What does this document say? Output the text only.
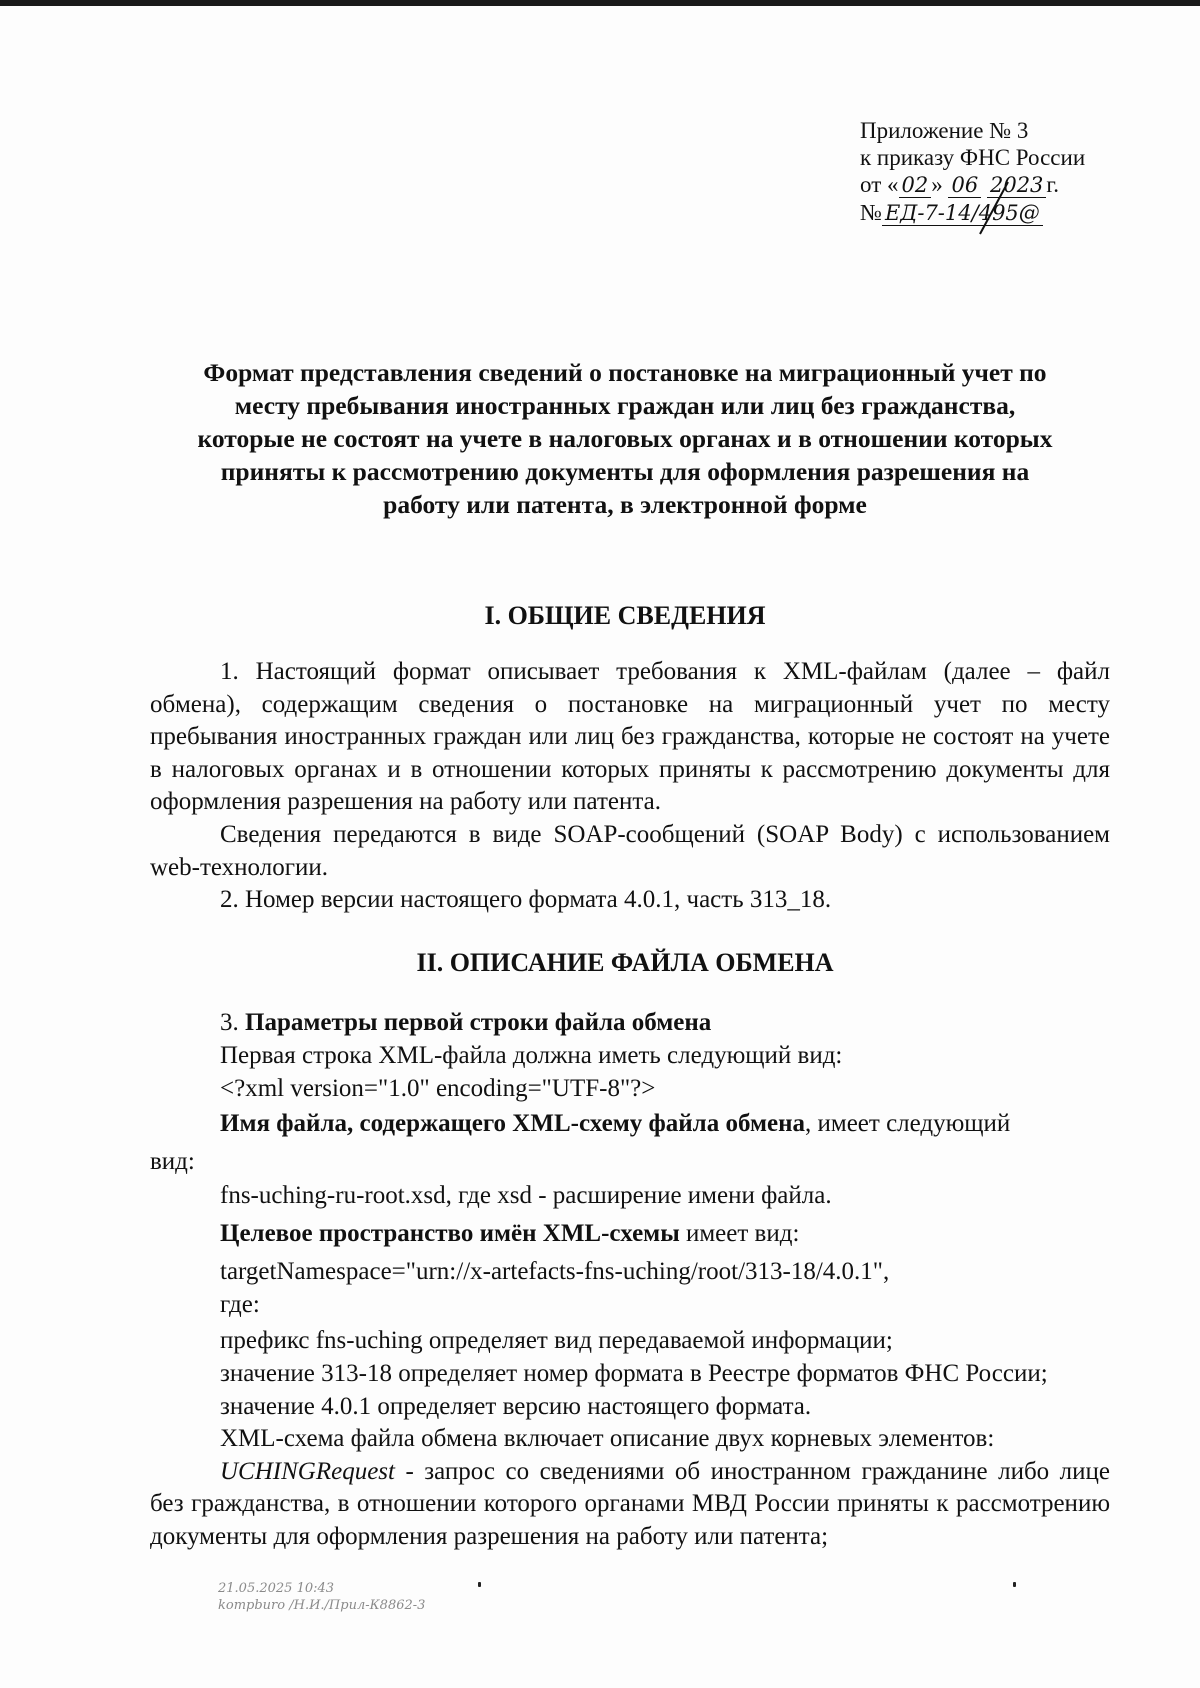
Приложение № 3
к приказу ФНС России
от « 02 » 06 2023 г.
№ ЕД-7-14/495@
Формат представления сведений о постановке на миграционный учет по
месту пребывания иностранных граждан или лиц без гражданства,
которые не состоят на учете в налоговых органах и в отношении которых
приняты к рассмотрению документы для оформления разрешения на
работу или патента, в электронной форме
I. ОБЩИЕ СВЕДЕНИЯ

1. Настоящий формат описывает требования к XML-файлам (далее – файл обмена), содержащим сведения о постановке на миграционный учет по месту пребывания иностранных граждан или лиц без гражданства, которые не состоят на учете в налоговых органах и в отношении которых приняты к рассмотрению документы для оформления разрешения на работу или патента.

Сведения передаются в виде SOAP-сообщений (SOAP Body) с использованием web-технологии.

2. Номер версии настоящего формата 4.0.1, часть 313_18.

II. ОПИСАНИЕ ФАЙЛА ОБМЕНА
3. Параметры первой строки файла обмена
Первая строка XML-файла должна иметь следующий вид:
<?xml version="1.0" encoding="UTF-8"?>
Имя файла, содержащего XML-схему файла обмена, имеет следующий
вид:
fns-uching-ru-root.xsd, где xsd - расширение имени файла.
Целевое пространство имён XML-схемы имеет вид:
targetNamespace="urn://x-artefacts-fns-uching/root/313-18/4.0.1",
где:
префикс fns-uching определяет вид передаваемой информации;

значение 313-18 определяет номер формата в Реестре форматов ФНС России;

значение 4.0.1 определяет версию настоящего формата.

XML-схема файла обмена включает описание двух корневых элементов:

UCHINGRequest - запрос со сведениями об иностранном гражданине либо лице без гражданства, в отношении которого органами МВД России приняты к рассмотрению документы для оформления разрешения на работу или патента;

21.05.2025 10:43
kompburo /Н.И./Прил-К8862-3
